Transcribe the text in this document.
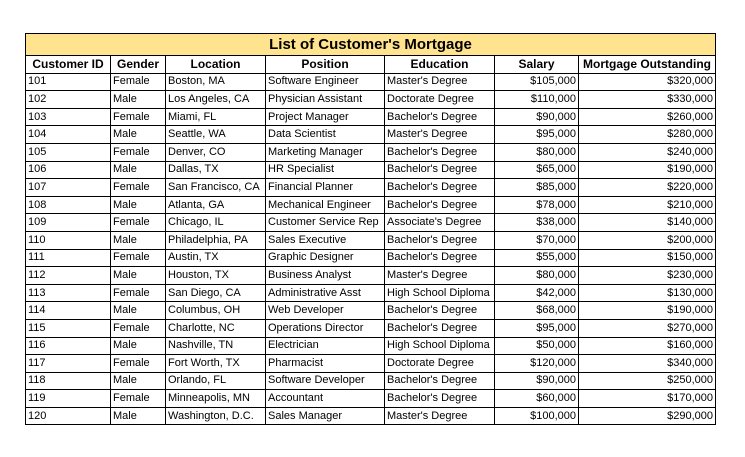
List of Customer's Mortgage						
Customer ID	Gender	Location	Position	Education	Salary	Mortgage Outstanding
101	Female	Boston, MA	Software Engineer	Master's Degree	$105,000	$320,000
102	Male	Los Angeles, CA	Physician Assistant	Doctorate Degree	$110,000	$330,000
103	Female	Miami, FL	Project Manager	Bachelor's Degree	$90,000	$260,000
104	Male	Seattle, WA	Data Scientist	Master's Degree	$95,000	$280,000
105	Female	Denver, CO	Marketing Manager	Bachelor's Degree	$80,000	$240,000
106	Male	Dallas, TX	HR Specialist	Bachelor's Degree	$65,000	$190,000
107	Female	San Francisco, CA	Financial Planner	Bachelor's Degree	$85,000	$220,000
108	Male	Atlanta, GA	Mechanical Engineer	Bachelor's Degree	$78,000	$210,000
109	Female	Chicago, IL	Customer Service Rep	Associate's Degree	$38,000	$140,000
110	Male	Philadelphia, PA	Sales Executive	Bachelor's Degree	$70,000	$200,000
111	Female	Austin, TX	Graphic Designer	Bachelor's Degree	$55,000	$150,000
112	Male	Houston, TX	Business Analyst	Master's Degree	$80,000	$230,000
113	Female	San Diego, CA	Administrative Asst	High School Diploma	$42,000	$130,000
114	Male	Columbus, OH	Web Developer	Bachelor's Degree	$68,000	$190,000
115	Female	Charlotte, NC	Operations Director	Bachelor's Degree	$95,000	$270,000
116	Male	Nashville, TN	Electrician	High School Diploma	$50,000	$160,000
117	Female	Fort Worth, TX	Pharmacist	Doctorate Degree	$120,000	$340,000
118	Male	Orlando, FL	Software Developer	Bachelor's Degree	$90,000	$250,000
119	Female	Minneapolis, MN	Accountant	Bachelor's Degree	$60,000	$170,000
120	Male	Washington, D.C.	Sales Manager	Master's Degree	$100,000	$290,000
